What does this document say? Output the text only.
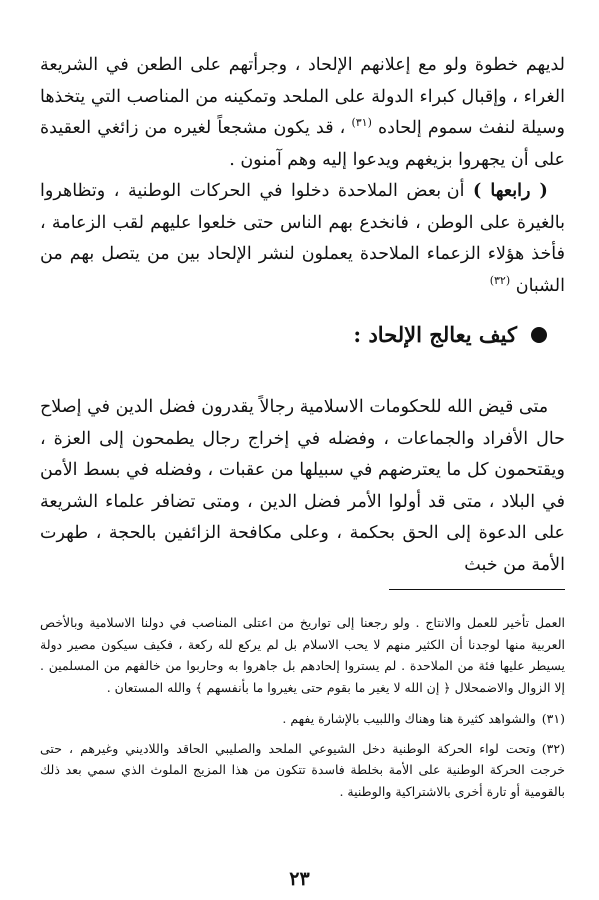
لديهم خطوة ولو مع إعلانهم الإلحاد ، وجرأتهم على الطعن في الشريعة الغراء ، وإقبال كبراء الدولة على الملحد وتمكينه من المناصب التي يتخذها وسيلة لنفث سموم إلحاده $^{(٣١)}$ ، قد يكون مشجعاً لغيره من زائغي العقيدة على أن يجهروا بزيغهم ويدعوا إليه وهم آمنون .

( رابعها ) أن بعض الملاحدة دخلوا في الحركات الوطنية ، وتظاهروا بالغيرة على الوطن ، فانخدع بهم الناس حتى خلعوا عليهم لقب الزعامة ، فأخذ هؤلاء الزعماء الملاحدة يعملون لنشر الإلحاد بين من يتصل بهم من الشبان $^{(٣٢)}$

كيف يعالج الإلحاد :

متى قيض الله للحكومات الاسلامية رجالاً يقدرون فضل الدين في إصلاح حال الأفراد والجماعات ، وفضله في إخراج رجال يطمحون إلى العزة ، ويقتحمون كل ما يعترضهم في سبيلها من عقبات ، وفضله في بسط الأمن في البلاد ، متى قد أولوا الأمر فضل الدين ، ومتى تضافر علماء الشريعة على الدعوة إلى الحق بحكمة ، وعلى مكافحة الزائفين بالحجة ، طهرت الأمة من خبث

العمل تأخير للعمل والانتاج . ولو رجعنا إلى تواريخ من اعتلى المناصب في دولنا الاسلامية وبالأخص العربية منها لوجدنا أن الكثير منهم لا يحب الاسلام بل لم يركع لله ركعة ، فكيف سيكون مصير دولة يسيطر عليها فئة من الملاحدة . لم يستروا إلحادهم بل جاهروا به وحاربوا من خالفهم من المسلمين . إلا الزوال والاضمحلال ﴿ إن الله لا يغير ما بقوم حتى يغيروا ما بأنفسهم ﴾ والله المستعان .

(٣١)والشواهد كثيرة هنا وهناك واللبيب بالإشارة يفهم .

(٣٢)وتحت لواء الحركة الوطنية دخل الشيوعي الملحد والصليبي الحاقد واللاديني وغيرهم ، حتى خرجت الحركة الوطنية على الأمة بخلطة فاسدة تتكون من هذا المزيج الملوث الذي سمي بعد ذلك بالقومية أو تارة أخرى بالاشتراكية والوطنية .

٢٣
